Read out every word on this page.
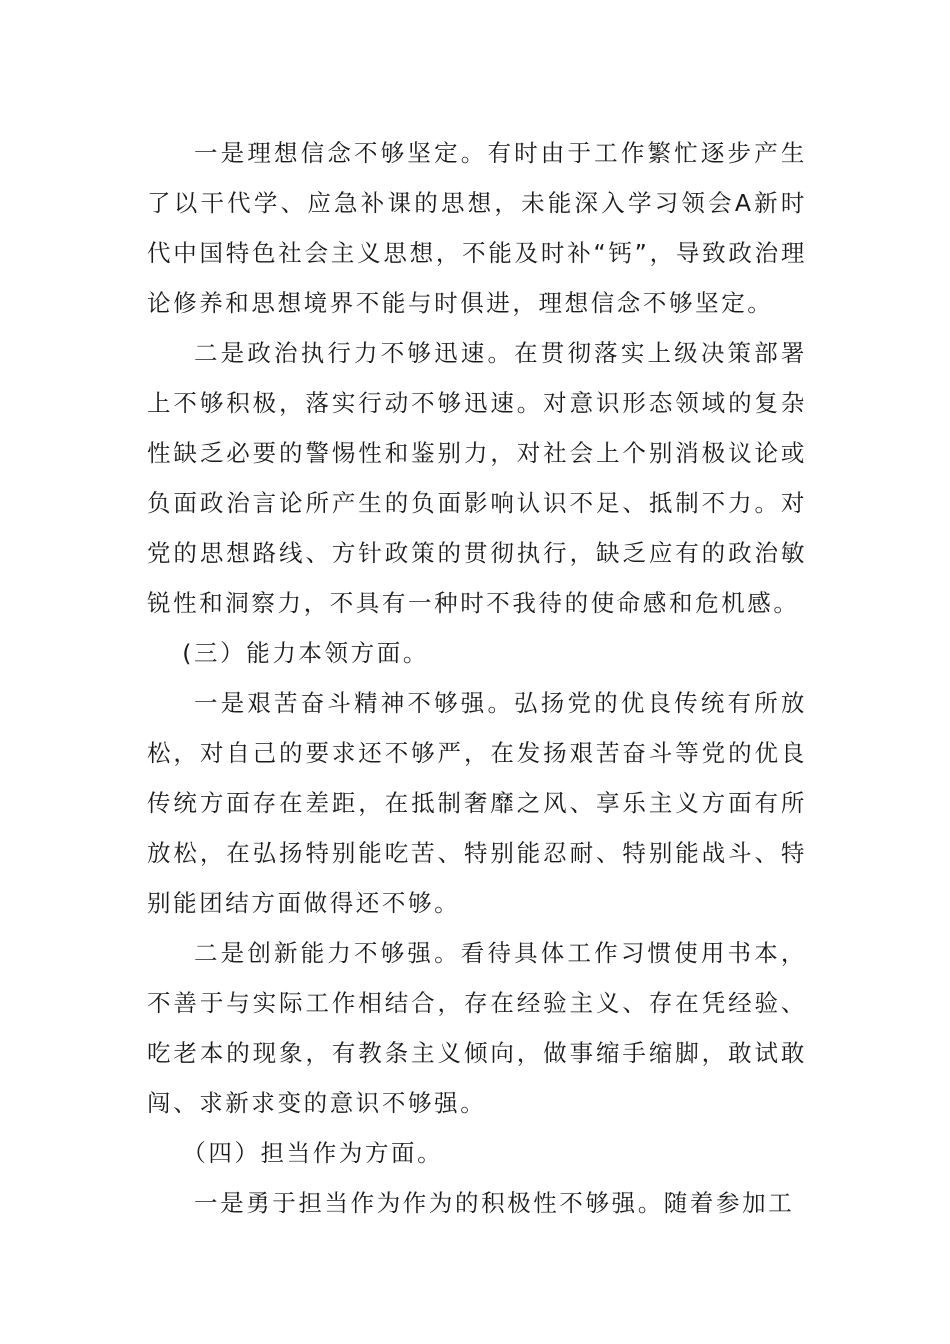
一是理想信念不够坚定。有时由于工作繁忙逐步产生了以干代学、应急补课的思想，未能深入学习领会A新时代中国特色社会主义思想，不能及时补“钙”，导致政治理论修养和思想境界不能与时俱进，理想信念不够坚定。

二是政治执行力不够迅速。在贯彻落实上级决策部署上不够积极，落实行动不够迅速。对意识形态领域的复杂性缺乏必要的警惕性和鉴别力，对社会上个别消极议论或负面政治言论所产生的负面影响认识不足、抵制不力。对党的思想路线、方针政策的贯彻执行，缺乏应有的政治敏锐性和洞察力，不具有一种时不我待的使命感和危机感。

(三）能力本领方面。

一是艰苦奋斗精神不够强。弘扬党的优良传统有所放松，对自己的要求还不够严，在发扬艰苦奋斗等党的优良传统方面存在差距，在抵制奢靡之风、享乐主义方面有所放松，在弘扬特别能吃苦、特别能忍耐、特别能战斗、特别能团结方面做得还不够。

二是创新能力不够强。看待具体工作习惯使用书本，不善于与实际工作相结合，存在经验主义、存在凭经验、吃老本的现象，有教条主义倾向，做事缩手缩脚，敢试敢闯、求新求变的意识不够强。

（四）担当作为方面。

一是勇于担当作为作为的积极性不够强。随着参加工
